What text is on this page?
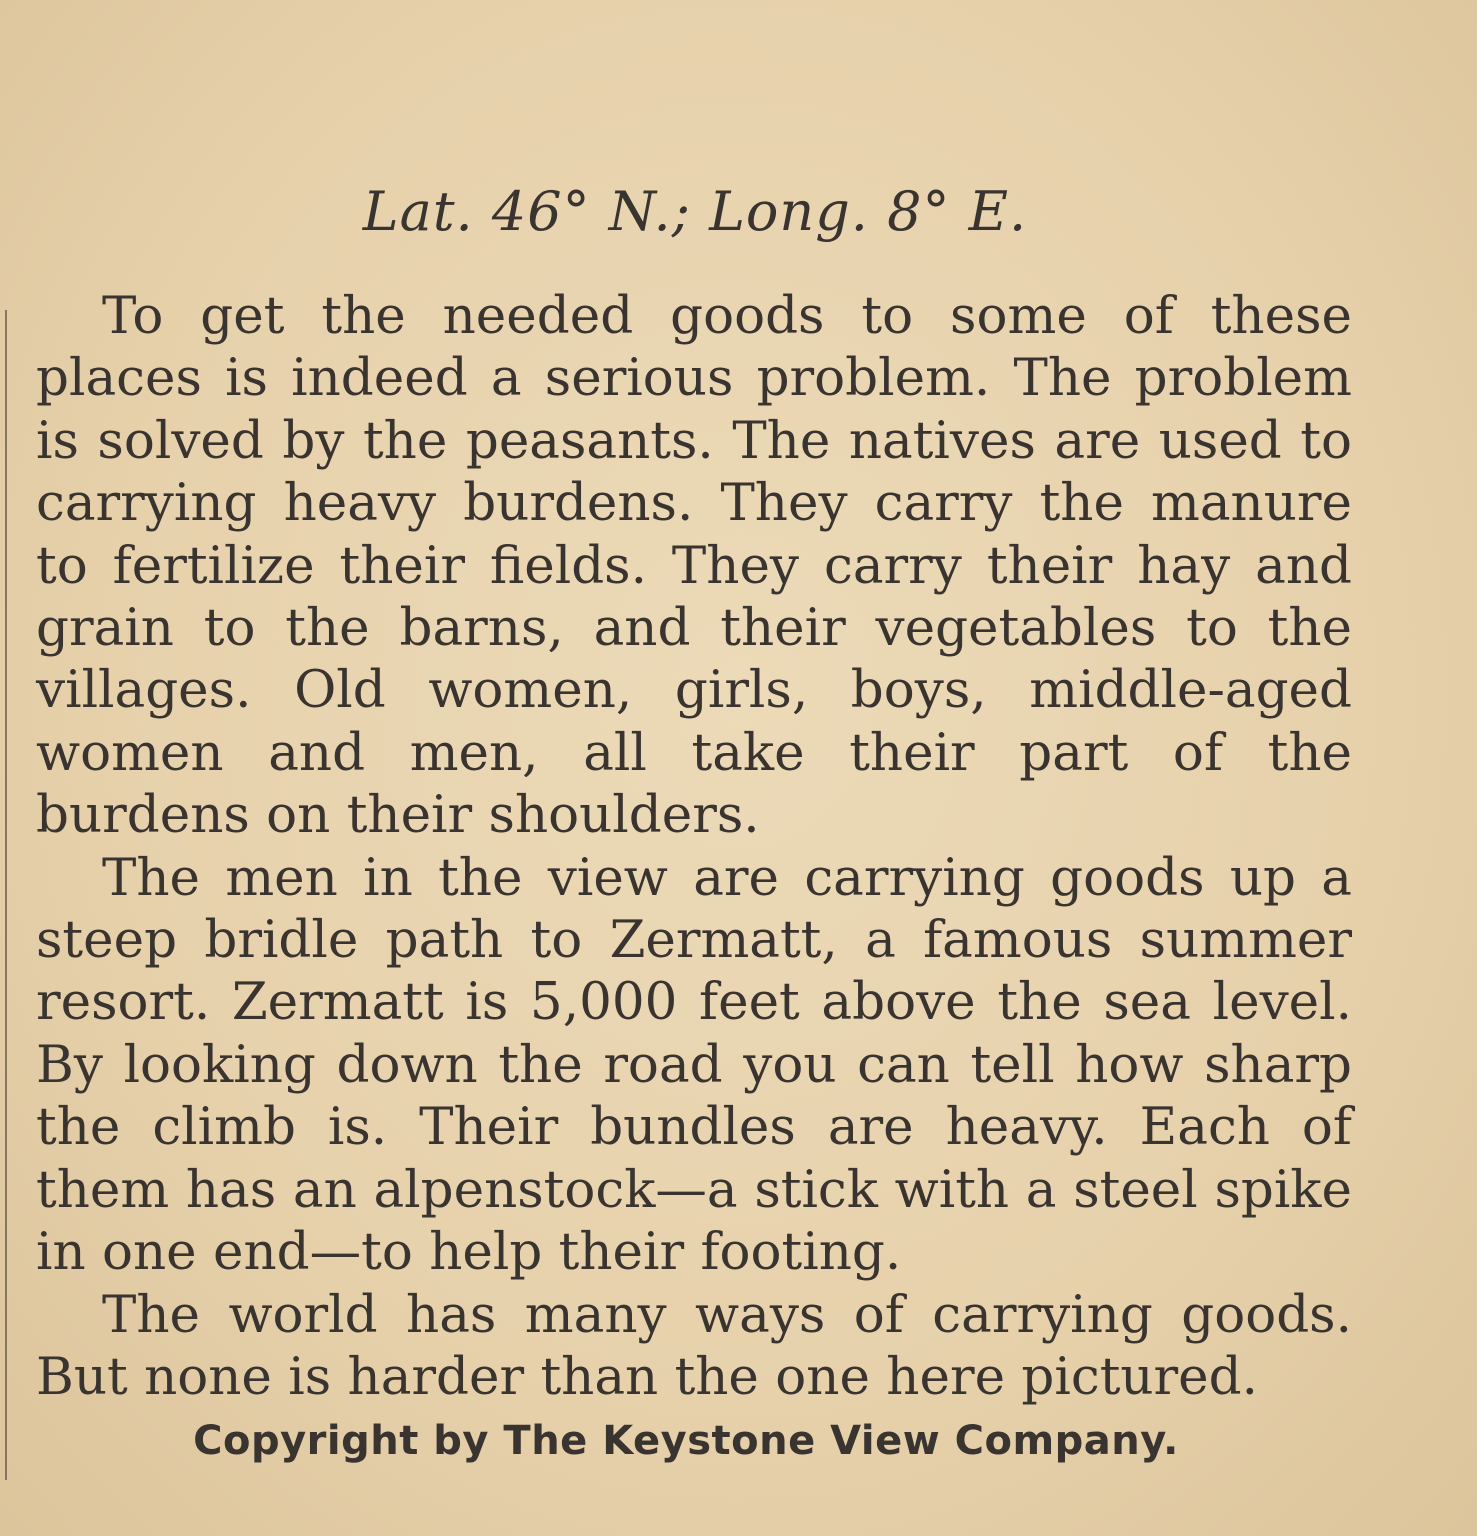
Lat. 46° N.; Long. 8° E.

To get the needed goods to some of these places is indeed a serious problem. The problem is solved by the peasants. The natives are used to carrying heavy burdens. They carry the manure to fertilize their fields. They carry their hay and grain to the barns, and their vegetables to the villages. Old women, girls, boys, middle-aged women and men, all take their part of the burdens on their shoulders.

The men in the view are carrying goods up a steep bridle path to Zermatt, a famous summer resort. Zermatt is 5,000 feet above the sea level. By looking down the road you can tell how sharp the climb is. Their bundles are heavy. Each of them has an alpenstock—a stick with a steel spike in one end—to help their footing.

The world has many ways of carrying goods. But none is harder than the one here pictured.

Copyright by The Keystone View Company.
